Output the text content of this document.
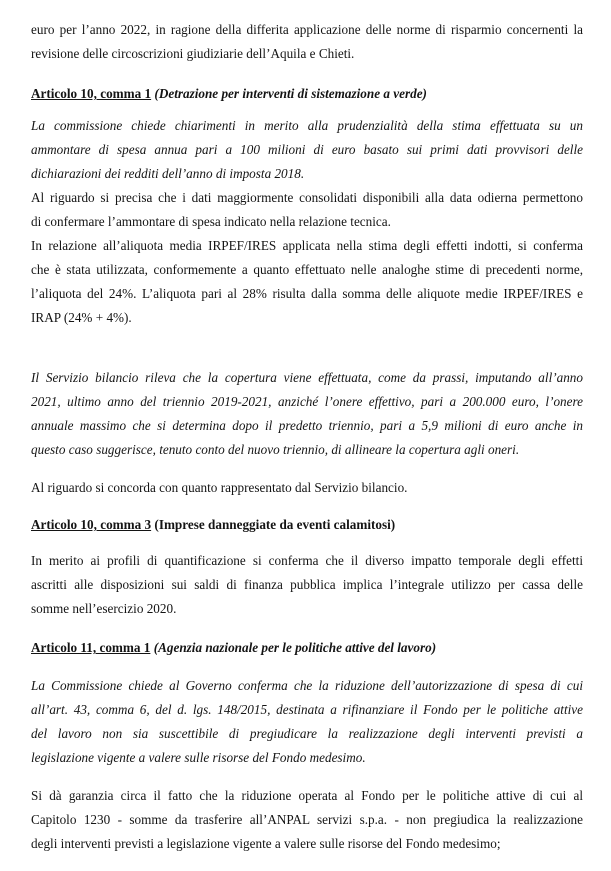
euro per l’anno 2022, in ragione della differita applicazione delle norme di risparmio concernenti la
revisione delle circoscrizioni giudiziarie dell’Aquila e Chieti.
Articolo 10, comma 1 (Detrazione per interventi di sistemazione a verde)
La commissione chiede chiarimenti in merito alla prudenzialità della stima effettuata su un
ammontare di spesa annua pari a 100 milioni di euro basato sui primi dati provvisori delle
dichiarazioni dei redditi dell’anno di imposta 2018.
Al riguardo si precisa che i dati maggiormente consolidati disponibili alla data odierna permettono
di confermare l’ammontare di spesa indicato nella relazione tecnica.
In relazione all’aliquota media IRPEF/IRES applicata nella stima degli effetti indotti, si conferma
che è stata utilizzata, conformemente a quanto effettuato nelle analoghe stime di precedenti norme,
l’aliquota del 24%. L’aliquota pari al 28% risulta dalla somma delle aliquote medie IRPEF/IRES e
IRAP (24% + 4%).
Il Servizio bilancio rileva che la copertura viene effettuata, come da prassi, imputando all’anno
2021, ultimo anno del triennio 2019-2021, anziché l’onere effettivo, pari a 200.000 euro, l’onere
annuale massimo che si determina dopo il predetto triennio, pari a 5,9 milioni di euro anche in
questo caso suggerisce, tenuto conto del nuovo triennio, di allineare la copertura agli oneri.
Al riguardo si concorda con quanto rappresentato dal Servizio bilancio.
Articolo 10, comma 3 (Imprese danneggiate da eventi calamitosi)
In merito ai profili di quantificazione si conferma che il diverso impatto temporale degli effetti
ascritti alle disposizioni sui saldi di finanza pubblica implica l’integrale utilizzo per cassa delle
somme nell’esercizio 2020.
Articolo 11, comma 1 (Agenzia nazionale per le politiche attive del lavoro)
La Commissione chiede al Governo conferma che la riduzione dell’autorizzazione di spesa di cui
all’art. 43, comma 6, del d. lgs. 148/2015, destinata a rifinanziare il Fondo per le politiche attive
del lavoro non sia suscettibile di pregiudicare la realizzazione degli interventi previsti a
legislazione vigente a valere sulle risorse del Fondo medesimo.
Si dà garanzia circa il fatto che la riduzione operata al Fondo per le politiche attive di cui al
Capitolo 1230 - somme da trasferire all’ANPAL servizi s.p.a. - non pregiudica la realizzazione
degli interventi previsti a legislazione vigente a valere sulle risorse del Fondo medesimo;
